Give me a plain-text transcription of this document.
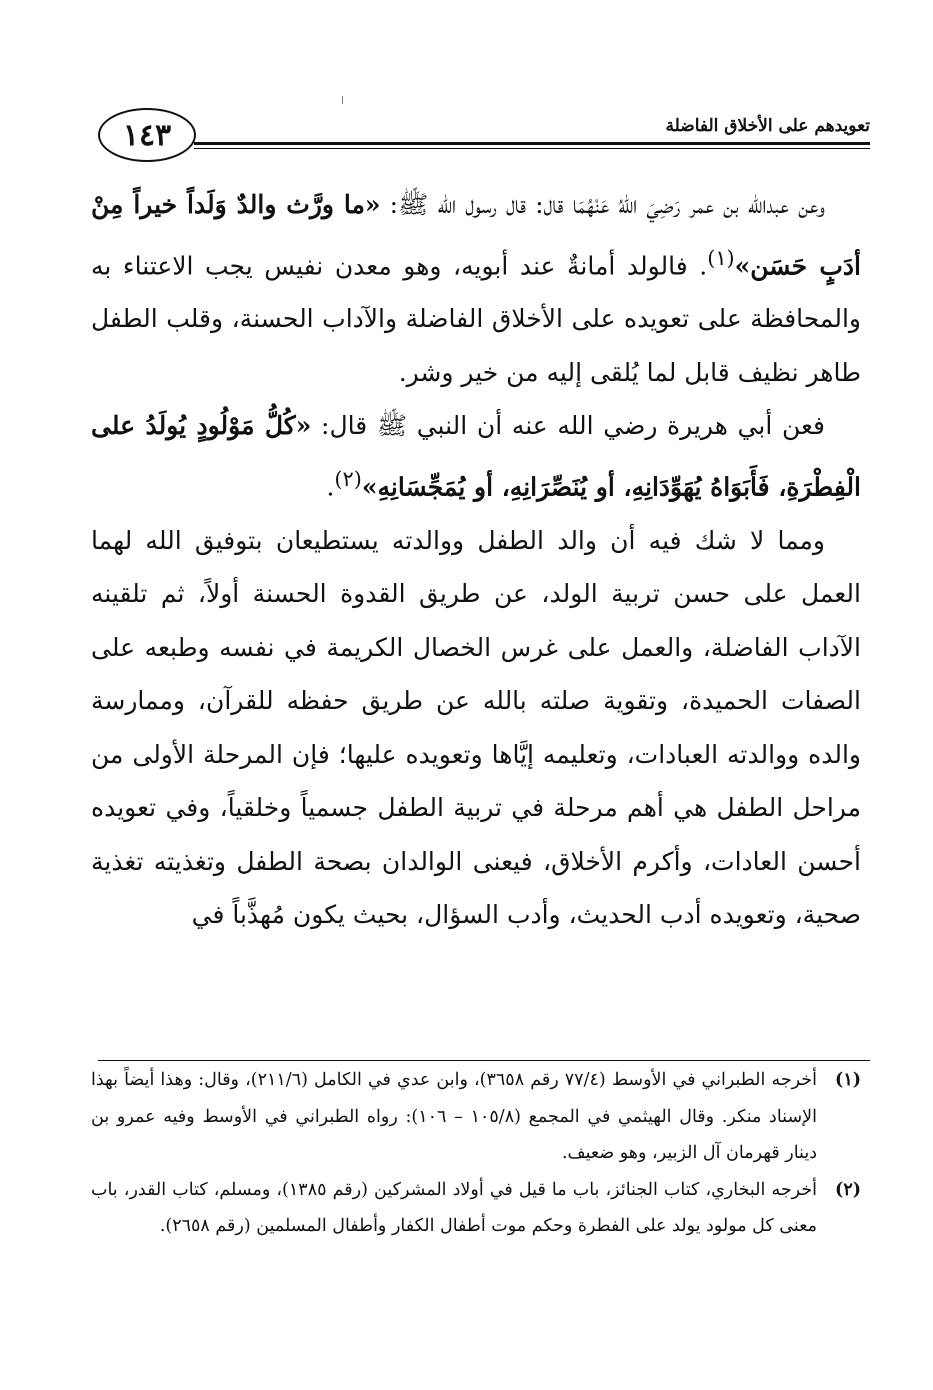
١٤٣	تعويدهم على الأخلاق الفاضلة

وعن عبدالله بن عمر رَضِيَ اللهُ عَنْهُمَا قال: قال رسول الله ﷺ: «ما ورَّث والدٌ وَلَداً خيراً مِنْ أدَبٍ حَسَن»$^{(١)}$. فالولد أمانةٌ عند أبويه، وهو معدن نفيس يجب الاعتناء به والمحافظة على تعويده على الأخلاق الفاضلة والآداب الحسنة، وقلب الطفل طاهر نظيف قابل لما يُلقى إليه من خير وشر.

فعن أبي هريرة رضي الله عنه أن النبي ﷺ قال: «كُلُّ مَوْلُودٍ يُولَدُ على الْفِطْرَةِ، فَأَبَوَاهُ يُهَوِّدَانِهِ، أو يُنَصِّرَانِهِ، أو يُمَجِّسَانِهِ»$^{(٢)}$.

ومما لا شك فيه أن والد الطفل ووالدته يستطيعان بتوفيق الله لهما العمل على حسن تربية الولد، عن طريق القدوة الحسنة أولاً، ثم تلقينه الآداب الفاضلة، والعمل على غرس الخصال الكريمة في نفسه وطبعه على الصفات الحميدة، وتقوية صلته بالله عن طريق حفظه للقرآن، وممارسة والده ووالدته العبادات، وتعليمه إيَّاها وتعويده عليها؛ فإن المرحلة الأولى من مراحل الطفل هي أهم مرحلة في تربية الطفل جسمياً وخلقياً، وفي تعويده أحسن العادات، وأكرم الأخلاق، فيعنى الوالدان بصحة الطفل وتغذيته تغذية صحية، وتعويده أدب الحديث، وأدب السؤال، بحيث يكون مُهذَّباً في

(١)
أخرجه الطبراني في الأوسط (٧٧/٤ رقم ٣٦٥٨)، وابن عدي في الكامل (٢١١/٦)، وقال: وهذا أيضاً بهذا الإسناد منكر. وقال الهيثمي في المجمع (١٠٥/٨ – ١٠٦): رواه الطبراني في الأوسط وفيه عمرو بن دينار قهرمان آل الزبير، وهو ضعيف.

(٢)
أخرجه البخاري، كتاب الجنائز، باب ما قيل في أولاد المشركين (رقم ١٣٨٥)، ومسلم، كتاب القدر، باب معنى كل مولود يولد على الفطرة وحكم موت أطفال الكفار وأطفال المسلمين (رقم ٢٦٥٨).
